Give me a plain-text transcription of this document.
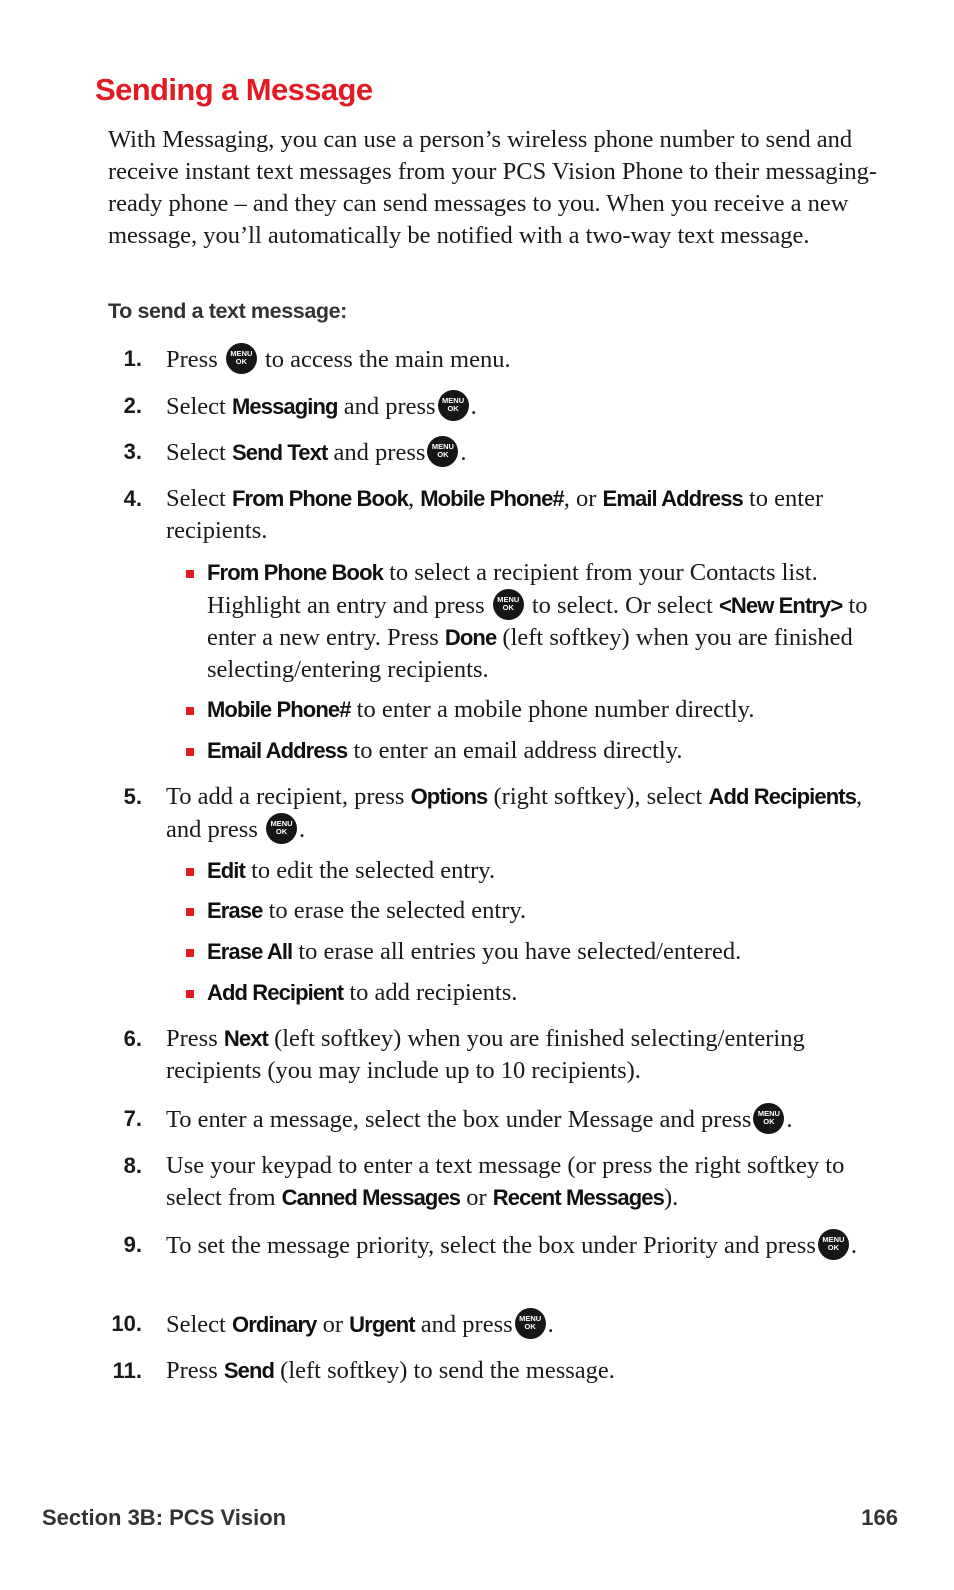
Sending a Message

With Messaging, you can use a person’s wireless phone number to send and receive instant text messages from your PCS Vision Phone to their messaging-ready phone – and they can send messages to you. When you receive a new message, you’ll automatically be notified with a two-way text message.

To send a text message:
1. Press MENU OK to access the main menu.
2. Select Messaging and press MENU OK .
3. Select Send Text and press MENU OK .
4. Select From Phone Book, Mobile Phone#, or Email Address to enter recipients.
From Phone Book to select a recipient from your Contacts list. Highlight an entry and press MENU OK to select. Or select <New Entry> to enter a new entry. Press Done (left softkey) when you are finished selecting/entering recipients.
Mobile Phone# to enter a mobile phone number directly.
Email Address to enter an email address directly.
5. To add a recipient, press Options (right softkey), select Add Recipients, and press MENU OK .
Edit to edit the selected entry.
Erase to erase the selected entry.
Erase All to erase all entries you have selected/entered.
Add Recipient to add recipients.
6. Press Next (left softkey) when you are finished selecting/entering recipients (you may include up to 10 recipients).
7. To enter a message, select the box under Message and press MENU OK .
8. Use your keypad to enter a text message (or press the right softkey to select from Canned Messages or Recent Messages).
9. To set the message priority, select the box under Priority and press MENU OK .
10. Select Ordinary or Urgent and press MENU OK .
11. Press Send (left softkey) to send the message.
Section 3B: PCS Vision	166
